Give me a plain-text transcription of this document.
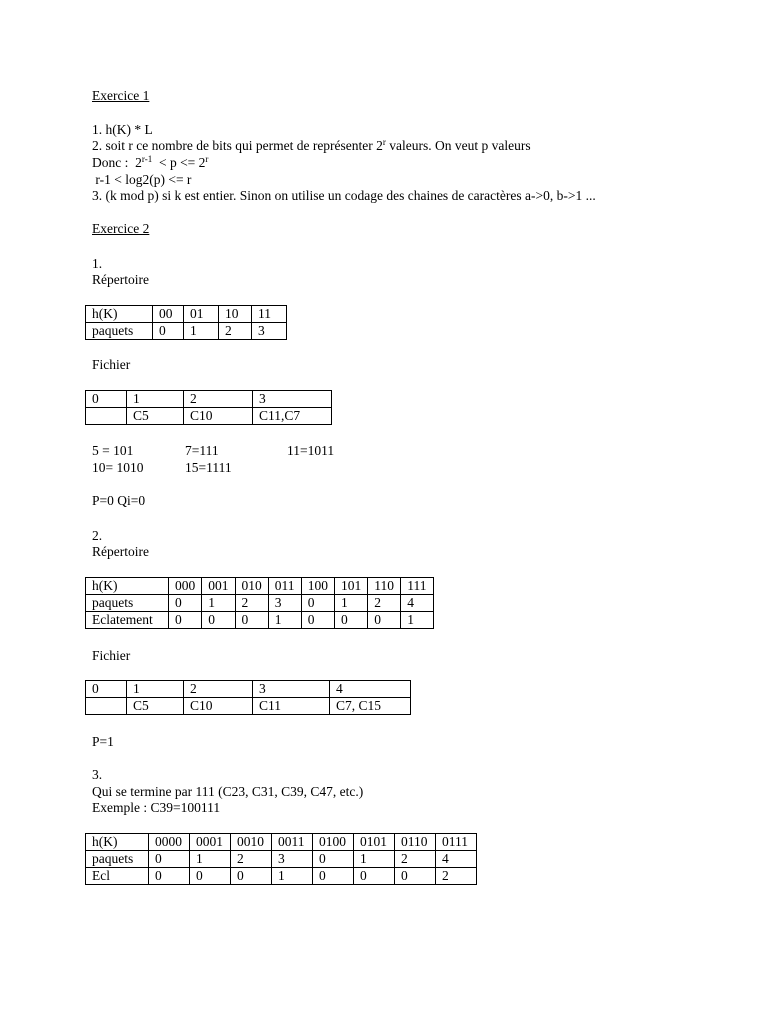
Exercice 1
1. h(K) * L
2. soit r ce nombre de bits qui permet de représenter 2$^r$ valeurs. On veut p valeurs
Donc :  $2^{r-1} < p <= 2^r$
r-1 < log2(p) <= r
3. (k mod p) si k est entier. Sinon on utilise un codage des chaines de caractères a->0, b->1 ...
Exercice 2
1.
Répertoire
h(K)	00	01	10	11
paquets	0	1	2	3
Fichier
0	1	2	3
	C5	C10	C11,C7
5 = 101	7=111	11=1011
10= 1010	15=1111
P=0 Qi=0
2.
Répertoire
h(K)	000	001	010	011	100	101	110	111
paquets	0	1	2	3	0	1	2	4
Eclatement	0	0	0	1	0	0	0	1
Fichier
0	1	2	3	4
	C5	C10	C11	C7, C15
P=1
3.
Qui se termine par 111 (C23, C31, C39, C47, etc.)
Exemple : C39=100111
h(K)	0000	0001	0010	0011	0100	0101	0110	0111
paquets	0	1	2	3	0	1	2	4
Ecl	0	0	0	1	0	0	0	2
